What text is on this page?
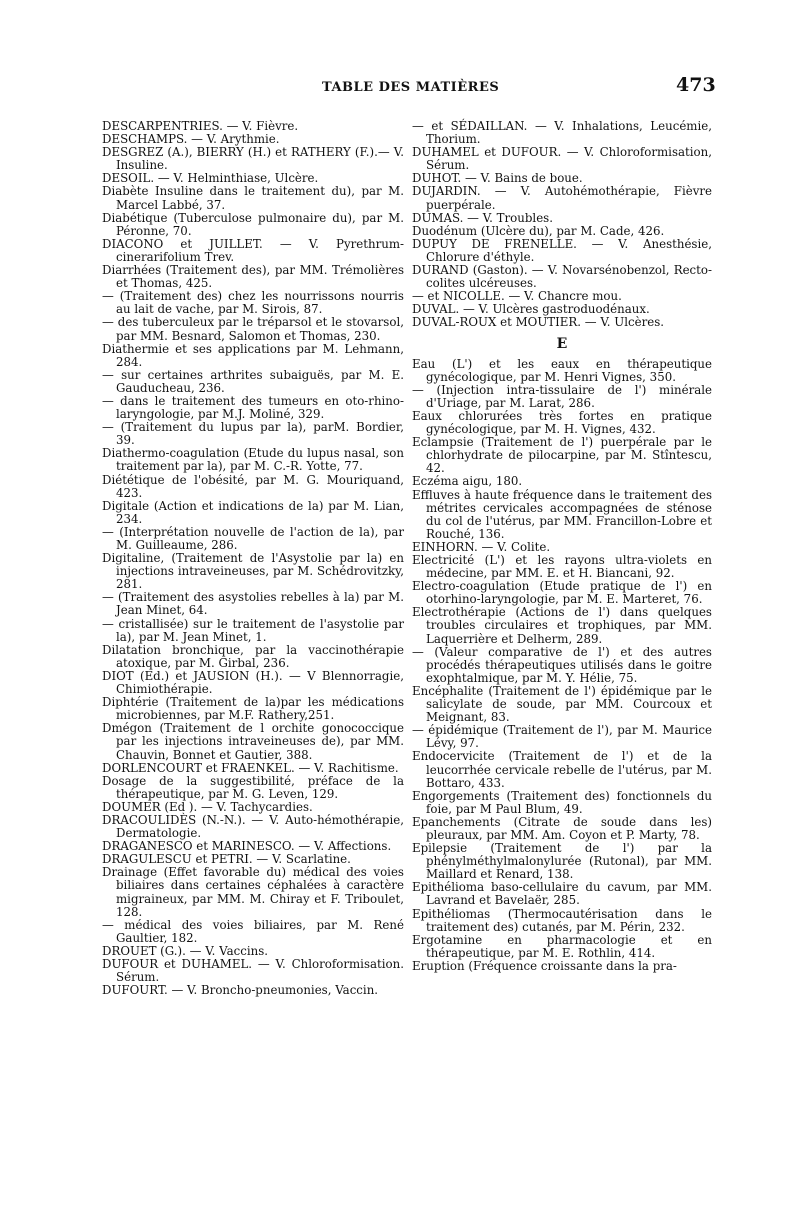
TABLE DES MATIÈRES	473
DESCARPENTRIES. — V. Fièvre.
DESCHAMPS. — V. Arythmie.
DESGREZ (A.), BIERRY (H.) et RATHERY (F.).— V. Insuline.
DESOIL. — V. Helminthiase, Ulcère.
Diabète Insuline dans le traitement du), par M. Marcel Labbé, 37.
Diabétique (Tuberculose pulmonaire du), par M. Péronne, 70.
DIACONO et JUILLET. — V. Pyrethrum-cinerarifolium Trev.
Diarrhées (Traitement des), par MM. Trémolières et Thomas, 425.
— (Traitement des) chez les nourrissons nourris au lait de vache, par M. Sirois, 87.
— des tuberculeux par le tréparsol et le stovarsol, par MM. Besnard, Salomon et Thomas, 230.
Diathermie et ses applications par M. Lehmann, 284.
— sur certaines arthrites subaiguës, par M. E. Gauducheau, 236.
— dans le traitement des tumeurs en oto-rhino-laryngologie, par M.J. Moliné, 329.
— (Traitement du lupus par la), parM. Bordier, 39.
Diathermo-coagulation (Etude du lupus nasal, son traitement par la), par M. C.-R. Yotte, 77.
Diététique de l'obésité, par M. G. Mouriquand, 423.
Digitale (Action et indications de la) par M. Lian, 234.
— (Interprétation nouvelle de l'action de la), par M. Guilleaume, 286.
Digitaline, (Traitement de l'Asystolie par la) en injections intraveineuses, par M. Schédrovitzky, 281.
— (Traitement des asystolies rebelles à la) par M. Jean Minet, 64.
— cristallisée) sur le traitement de l'asystolie par la), par M. Jean Minet, 1.
Dilatation bronchique, par la vaccinothérapie atoxique, par M. Girbal, 236.
DIOT (Ed.) et JAUSION (H.). — V Blennorragie, Chimiothérapie.
Diphtérie (Traitement de la)par les médications microbiennes, par M.F. Rathery,251.
Dmégon (Traitement de l orchite gonococcique par les injections intraveineuses de), par MM. Chauvin, Bonnet et Gautier, 388.
DORLENCOURT et FRAENKEL. — V. Rachitisme.
Dosage de la suggestibilité, préface de la thérapeutique, par M. G. Leven, 129.
DOUMER (Ed ). — V. Tachycardies.
DRACOULIDÈS (N.-N.). — V. Auto-hémothérapie, Dermatologie.
DRAGANESCO et MARINESCO. — V. Affections.
DRAGULESCU et PETRI. — V. Scarlatine.
Drainage (Effet favorable du) médical des voies biliaires dans certaines céphalées à caractère migraineux, par MM. M. Chiray et F. Triboulet, 128.
— médical des voies biliaires, par M. René Gaultier, 182.
DROUET (G.). — V. Vaccins.
DUFOUR et DUHAMEL. — V. Chloroformisation. Sérum.
DUFOURT. — V. Broncho-pneumonies, Vaccin.
— et SÉDAILLAN. — V. Inhalations, Leucémie, Thorium.
DUHAMEL et DUFOUR. — V. Chloroformisation, Sérum.
DUHOT. — V. Bains de boue.
DUJARDIN. — V. Autohémothérapie, Fièvre puerpérale.
DUMAS. — V. Troubles.
Duodénum (Ulcère du), par M. Cade, 426.
DUPUY DE FRENELLE. — V. Anesthésie, Chlorure d'éthyle.
DURAND (Gaston). — V. Novarsénobenzol, Recto-colites ulcéreuses.
— et NICOLLE. — V. Chancre mou.
DUVAL. — V. Ulcères gastroduodénaux.
DUVAL-ROUX et MOUTIER. — V. Ulcères.
E
Eau (L') et les eaux en thérapeutique gynécologique, par M. Henri Vignes, 350.
— (Injection intra-tissulaire de l') minérale d'Uriage, par M. Larat, 286.
Eaux chlorurées très fortes en pratique gynécologique, par M. H. Vignes, 432.
Eclampsie (Traitement de l') puerpérale par le chlorhydrate de pilocarpine, par M. Stîntescu, 42.
Eczéma aigu, 180.
Effluves à haute fréquence dans le traitement des métrites cervicales accompagnées de sténose du col de l'utérus, par MM. Francillon-Lobre et Rouché, 136.
EINHORN. — V. Colite.
Electricité (L') et les rayons ultra-violets en médecine, par MM. E. et H. Biancani, 92.
Electro-coagulation (Etude pratique de l') en otorhino-laryngologie, par M. E. Marteret, 76.
Electrothérapie (Actions de l') dans quelques troubles circulaires et trophiques, par MM. Laquerrière et Delherm, 289.
— (Valeur comparative de l') et des autres procédés thérapeutiques utilisés dans le goitre exophtalmique, par M. Y. Hélie, 75.
Encéphalite (Traitement de l') épidémique par le salicylate de soude, par MM. Courcoux et Meignant, 83.
— épidémique (Traitement de l'), par M. Maurice Lévy, 97.
Endocervicite (Traitement de l') et de la leucorrhée cervicale rebelle de l'utérus, par M. Bottaro, 433.
Engorgements (Traitement des) fonctionnels du foie, par M Paul Blum, 49.
Epanchements (Citrate de soude dans les) pleuraux, par MM. Am. Coyon et P. Marty, 78.
Epilepsie (Traitement de l') par la phénylméthylmalonylurée (Rutonal), par MM. Maillard et Renard, 138.
Epithélioma baso-cellulaire du cavum, par MM. Lavrand et Bavelaër, 285.
Epithéliomas (Thermocautérisation dans le traitement des) cutanés, par M. Périn, 232.
Ergotamine en pharmacologie et en thérapeutique, par M. E. Rothlin, 414.
Eruption (Fréquence croissante dans la pra-
